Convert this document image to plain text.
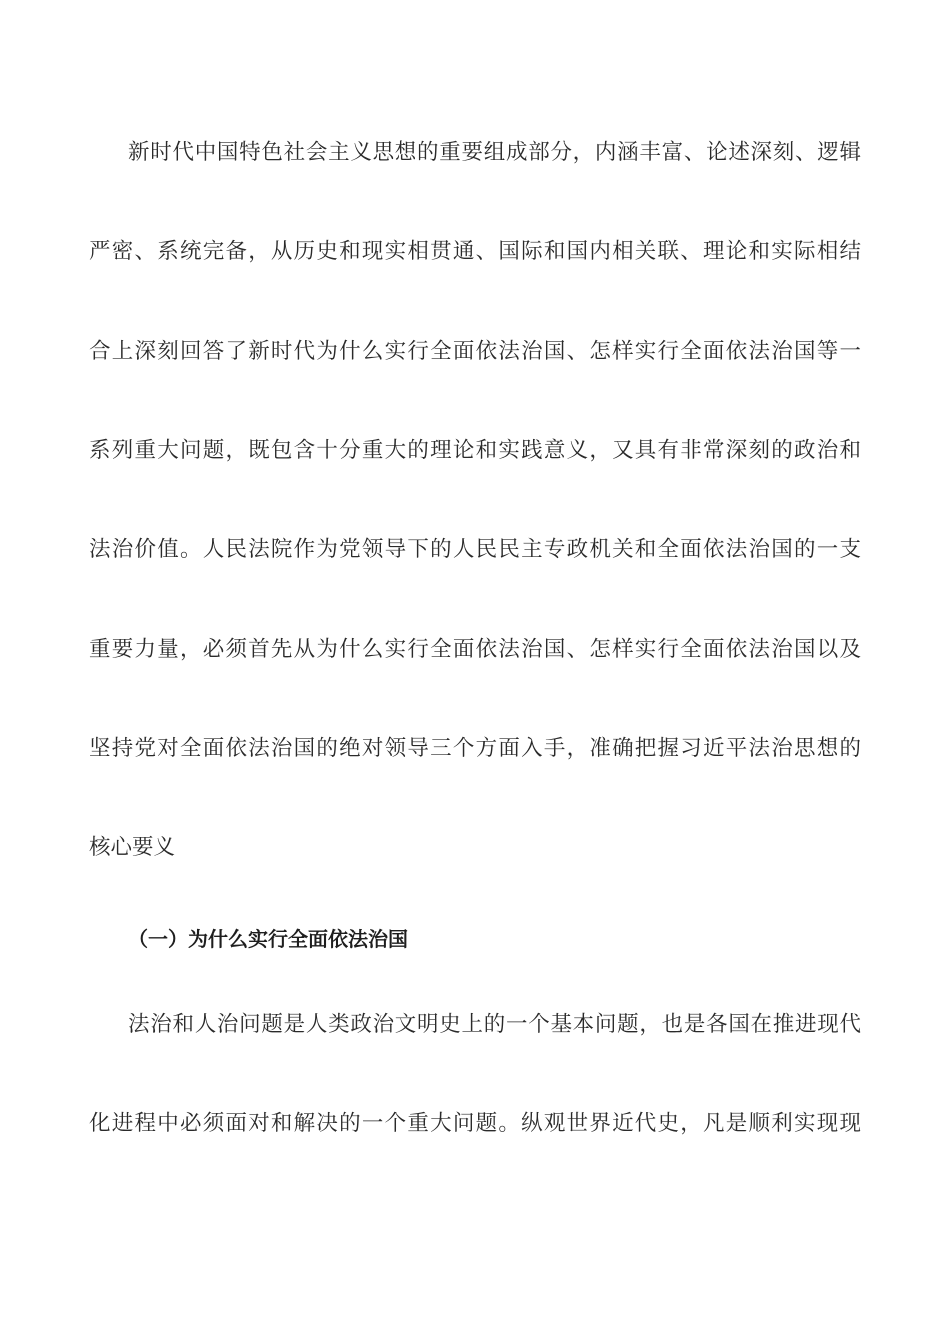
新时代中国特色社会主义思想的重要组成部分，内涵丰富、论述深刻、逻辑
严密、系统完备，从历史和现实相贯通、国际和国内相关联、理论和实际相结
合上深刻回答了新时代为什么实行全面依法治国、怎样实行全面依法治国等一
系列重大问题，既包含十分重大的理论和实践意义，又具有非常深刻的政治和
法治价值。人民法院作为党领导下的人民民主专政机关和全面依法治国的一支
重要力量，必须首先从为什么实行全面依法治国、怎样实行全面依法治国以及
坚持党对全面依法治国的绝对领导三个方面入手，准确把握习近平法治思想的
核心要义
（一）为什么实行全面依法治国
法治和人治问题是人类政治文明史上的一个基本问题，也是各国在推进现代
化进程中必须面对和解决的一个重大问题。纵观世界近代史，凡是顺利实现现
